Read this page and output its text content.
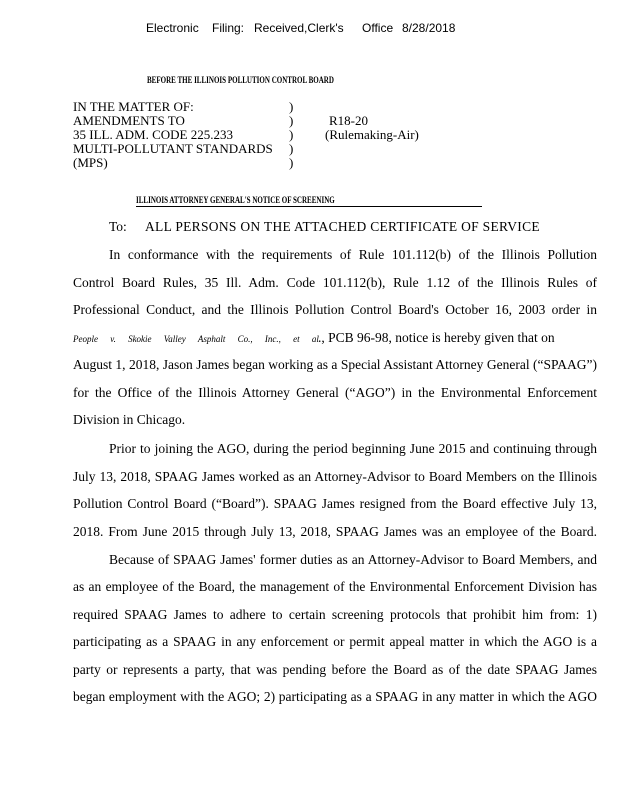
Electronic Filing: Received,Clerk's Office 8/28/2018
BEFORE THE ILLINOIS POLLUTION CONTROL BOARD
IN THE MATTER OF:
AMENDMENTS TO
35 ILL. ADM. CODE 225.233
MULTI-POLLUTANT STANDARDS
(MPS)
)
)
)
)
)
R18-20
(Rulemaking-Air)
ILLINOIS ATTORNEY GENERAL'S NOTICE OF SCREENING
To: ALL PERSONS ON THE ATTACHED CERTIFICATE OF SERVICE
In conformance with the requirements of Rule 101.112(b) of the Illinois Pollution
Control Board Rules, 35 Ill. Adm. Code 101.112(b), Rule 1.12 of the Illinois Rules of
Professional Conduct, and the Illinois Pollution Control Board's October 16, 2003 order in
People v. Skokie Valley Asphalt Co., Inc., et al ., PCB 96-98, notice is hereby given that on
August 1, 2018, Jason James began working as a Special Assistant Attorney General (“SPAAG”)
for the Office of the Illinois Attorney General (“AGO”) in the Environmental Enforcement
Division in Chicago.
Prior to joining the AGO, during the period beginning June 2015 and continuing through
July 13, 2018, SPAAG James worked as an Attorney-Advisor to Board Members on the Illinois
Pollution Control Board (“Board”). SPAAG James resigned from the Board effective July 13,
2018. From June 2015 through July 13, 2018, SPAAG James was an employee of the Board.
Because of SPAAG James' former duties as an Attorney-Advisor to Board Members, and
as an employee of the Board, the management of the Environmental Enforcement Division has
required SPAAG James to adhere to certain screening protocols that prohibit him from: 1)
participating as a SPAAG in any enforcement or permit appeal matter in which the AGO is a
party or represents a party, that was pending before the Board as of the date SPAAG James
began employment with the AGO; 2) participating as a SPAAG in any matter in which the AGO
